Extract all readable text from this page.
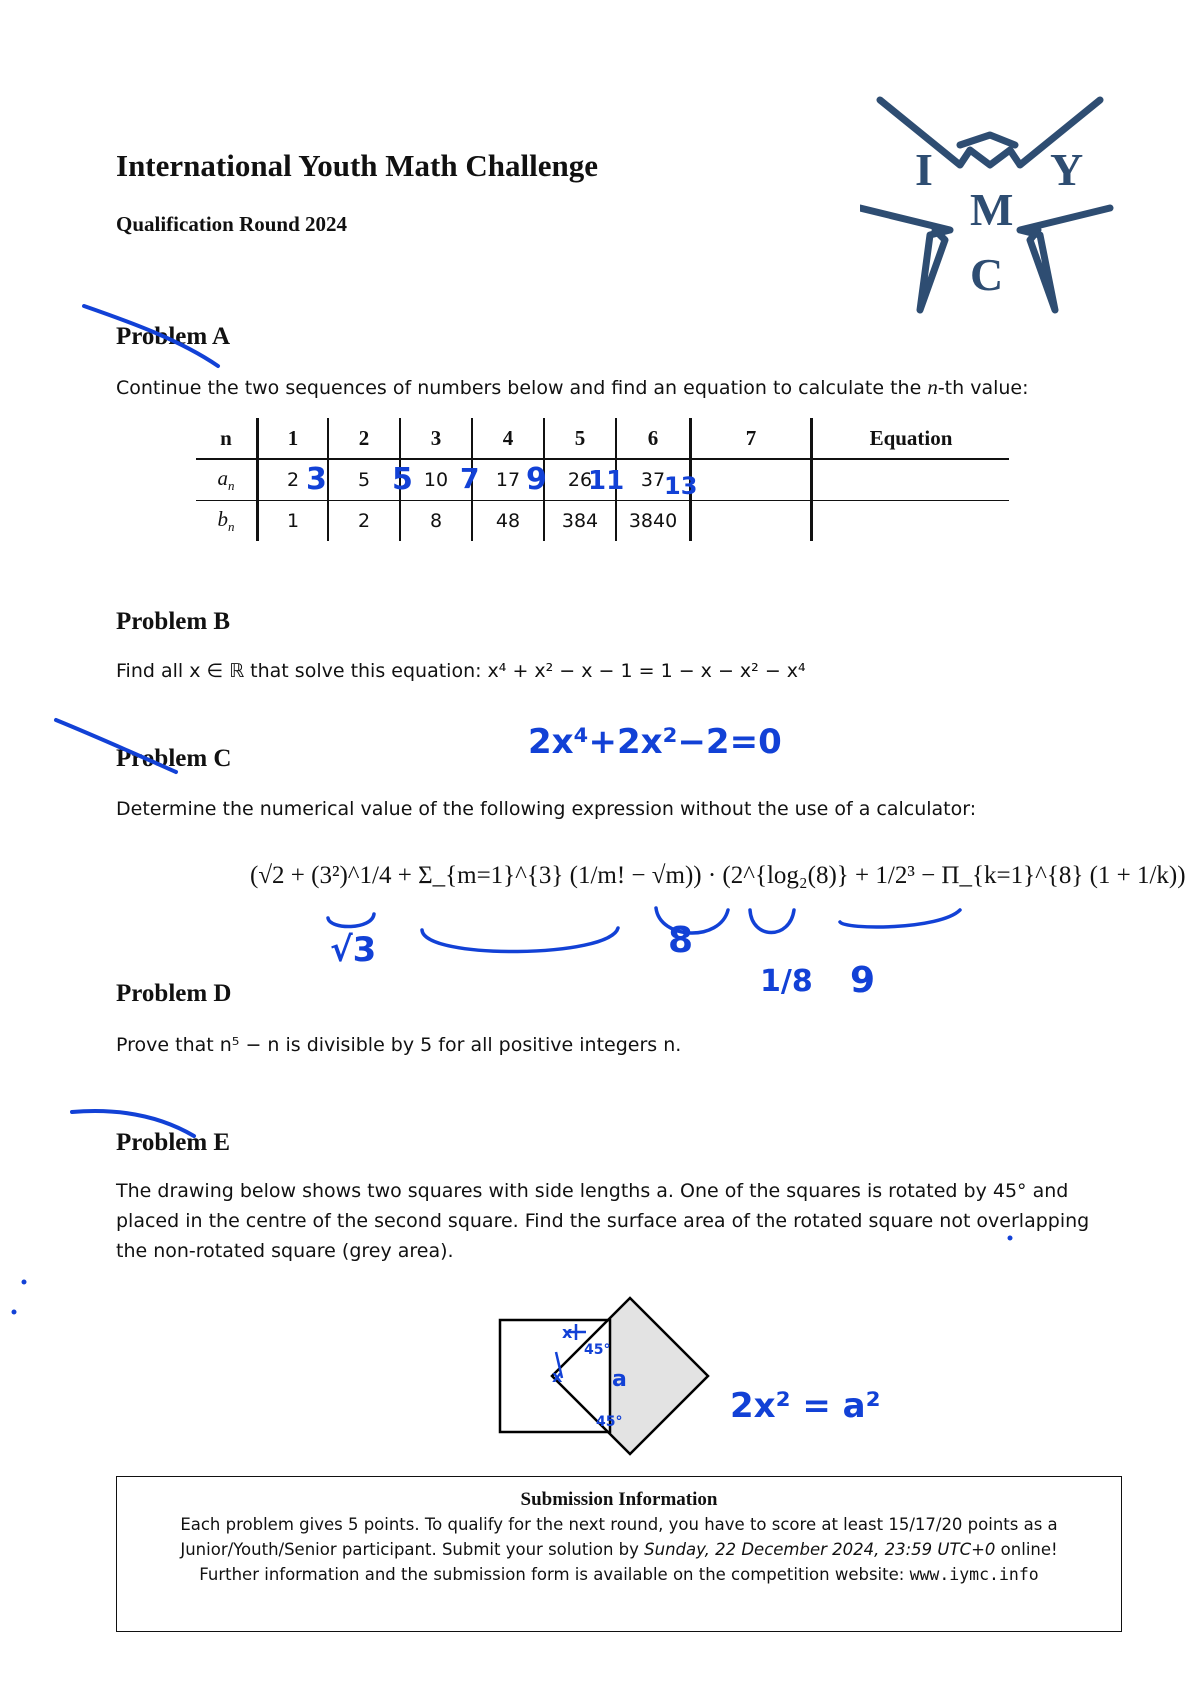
International Youth Math Challenge
Qualification Round 2024
I	Y
M
C
Problem A
Continue the two sequences of numbers below and find an equation to calculate the n-th value:
n	1	2	3	4	5	6	7	Equation
$a_n$	2	5	10	17	26	37		
$b_n$	1	2	8	48	384	3840		
3 5 7 9 11 13
Problem B
Find all x ∈ ℝ that solve this equation: x⁴ + x² − x − 1 = 1 − x − x² − x⁴
2x⁴+2x²−2=0
Problem C
Determine the numerical value of the following expression without the use of a calculator:
(√2 + (3²)^1/4 + Σ_{m=1}^{3} (1/m! − √m)) · (2^{log₂(8)} + 1/2³ − Π_{k=1}^{8} (1 + 1/k))
√3	8
1/8 9
Problem D
Prove that n⁵ − n is divisible by 5 for all positive integers n.
Problem E
The drawing below shows two squares with side lengths a. One of the squares is rotated by 45° and placed in the centre of the second square. Find the surface area of the rotated square not overlapping the non-rotated square (grey area).
x
45°
a
45°
x
2x² = a²
Submission Information
Each problem gives 5 points. To qualify for the next round, you have to score at least 15/17/20 points as a
Junior/Youth/Senior participant. Submit your solution by Sunday, 22 December 2024, 23:59 UTC+0 online!
Further information and the submission form is available on the competition website: www.iymc.info
